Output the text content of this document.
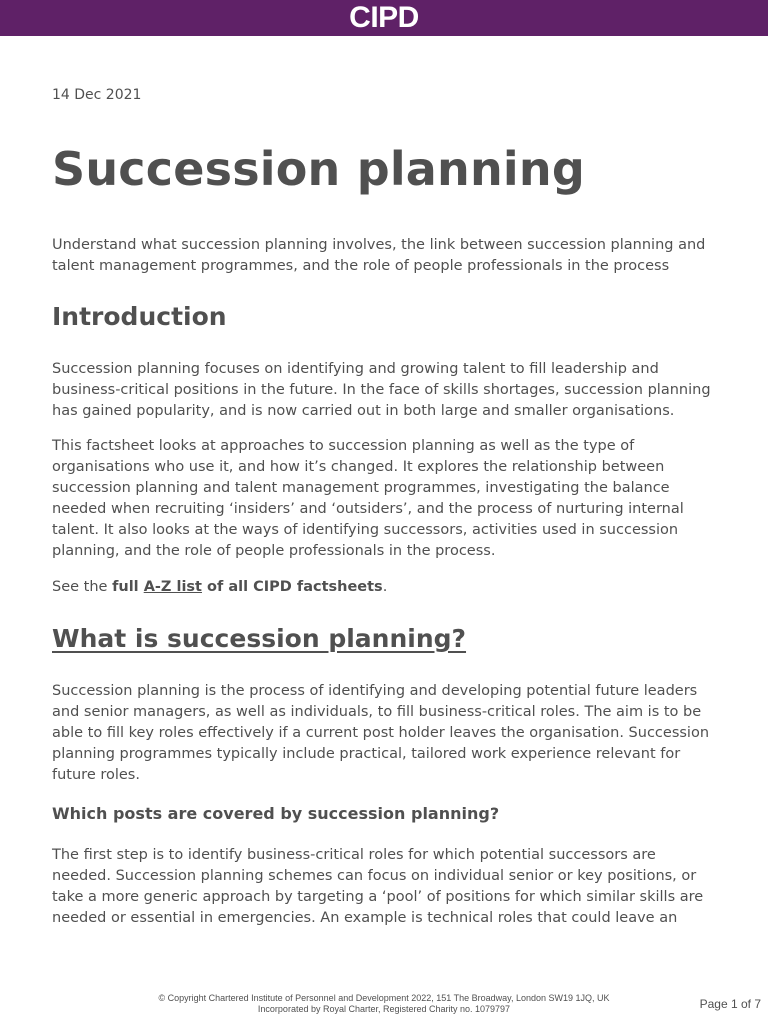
CIPD
14 Dec 2021
Succession planning

Understand what succession planning involves, the link between succession planning and talent management programmes, and the role of people professionals in the process

Introduction

Succession planning focuses on identifying and growing talent to fill leadership and business-critical positions in the future. In the face of skills shortages, succession planning has gained popularity, and is now carried out in both large and smaller organisations.

This factsheet looks at approaches to succession planning as well as the type of organisations who use it, and how it’s changed. It explores the relationship between succession planning and talent management programmes, investigating the balance needed when recruiting ‘insiders’ and ‘outsiders’, and the process of nurturing internal talent. It also looks at the ways of identifying successors, activities used in succession planning, and the role of people professionals in the process.

See the full A-Z list of all CIPD factsheets.

What is succession planning?

Succession planning is the process of identifying and developing potential future leaders and senior managers, as well as individuals, to fill business-critical roles. The aim is to be able to fill key roles effectively if a current post holder leaves the organisation. Succession planning programmes typically include practical, tailored work experience relevant for future roles.

Which posts are covered by succession planning?

The first step is to identify business-critical roles for which potential successors are needed. Succession planning schemes can focus on individual senior or key positions, or take a more generic approach by targeting a ‘pool’ of positions for which similar skills are needed or essential in emergencies. An example is technical roles that could leave an

© Copyright Chartered Institute of Personnel and Development 2022, 151 The Broadway, London SW19 1JQ, UK
Incorporated by Royal Charter, Registered Charity no. 1079797	Page 1 of 7
